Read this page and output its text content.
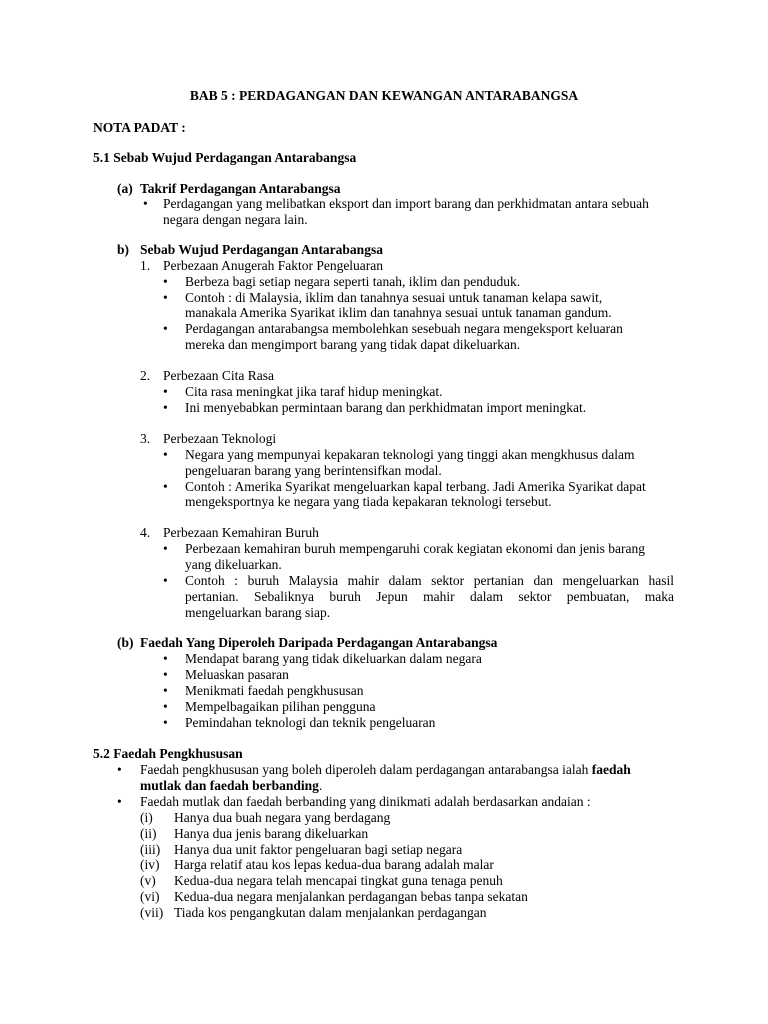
BAB 5 : PERDAGANGAN DAN KEWANGAN ANTARABANGSA
NOTA PADAT :
5.1 Sebab Wujud Perdagangan Antarabangsa
(a) Takrif Perdagangan Antarabangsa
•
Perdagangan yang melibatkan eksport dan import barang dan perkhidmatan antara sebuah
negara dengan negara lain.
b) Sebab Wujud Perdagangan Antarabangsa
1. Perbezaan Anugerah Faktor Pengeluaran
•
Berbeza bagi setiap negara seperti tanah, iklim dan penduduk.
•
Contoh : di Malaysia, iklim dan tanahnya sesuai untuk tanaman kelapa sawit,
manakala Amerika Syarikat iklim dan tanahnya sesuai untuk tanaman gandum.
•
Perdagangan antarabangsa membolehkan sesebuah negara mengeksport keluaran
mereka dan mengimport barang yang tidak dapat dikeluarkan.
2. Perbezaan Cita Rasa
•
Cita rasa meningkat jika taraf hidup meningkat.
•
Ini menyebabkan permintaan barang dan perkhidmatan import meningkat.
3. Perbezaan Teknologi
•
Negara yang mempunyai kepakaran teknologi yang tinggi akan mengkhusus dalam
pengeluaran barang yang berintensifkan modal.
•
Contoh : Amerika Syarikat mengeluarkan kapal terbang. Jadi Amerika Syarikat dapat
mengeksportnya ke negara yang tiada kepakaran teknologi tersebut.
4. Perbezaan Kemahiran Buruh
•
Perbezaan kemahiran buruh mempengaruhi corak kegiatan ekonomi dan jenis barang
yang dikeluarkan.
•
Contoh : buruh Malaysia mahir dalam sektor pertanian dan mengeluarkan hasil
pertanian. Sebaliknya buruh Jepun mahir dalam sektor pembuatan, maka
mengeluarkan barang siap.
(b) Faedah Yang Diperoleh Daripada Perdagangan Antarabangsa
•
Mendapat barang yang tidak dikeluarkan dalam negara
•
Meluaskan pasaran
•
Menikmati faedah pengkhususan
•
Mempelbagaikan pilihan pengguna
•
Pemindahan teknologi dan teknik pengeluaran
5.2 Faedah Pengkhususan
•
Faedah pengkhususan yang boleh diperoleh dalam perdagangan antarabangsa ialah faedah
mutlak dan faedah berbanding.
•
Faedah mutlak dan faedah berbanding yang dinikmati adalah berdasarkan andaian :
(i) Hanya dua buah negara yang berdagang
(ii) Hanya dua jenis barang dikeluarkan
(iii) Hanya dua unit faktor pengeluaran bagi setiap negara
(iv) Harga relatif atau kos lepas kedua-dua barang adalah malar
(v) Kedua-dua negara telah mencapai tingkat guna tenaga penuh
(vi) Kedua-dua negara menjalankan perdagangan bebas tanpa sekatan
(vii) Tiada kos pengangkutan dalam menjalankan perdagangan
